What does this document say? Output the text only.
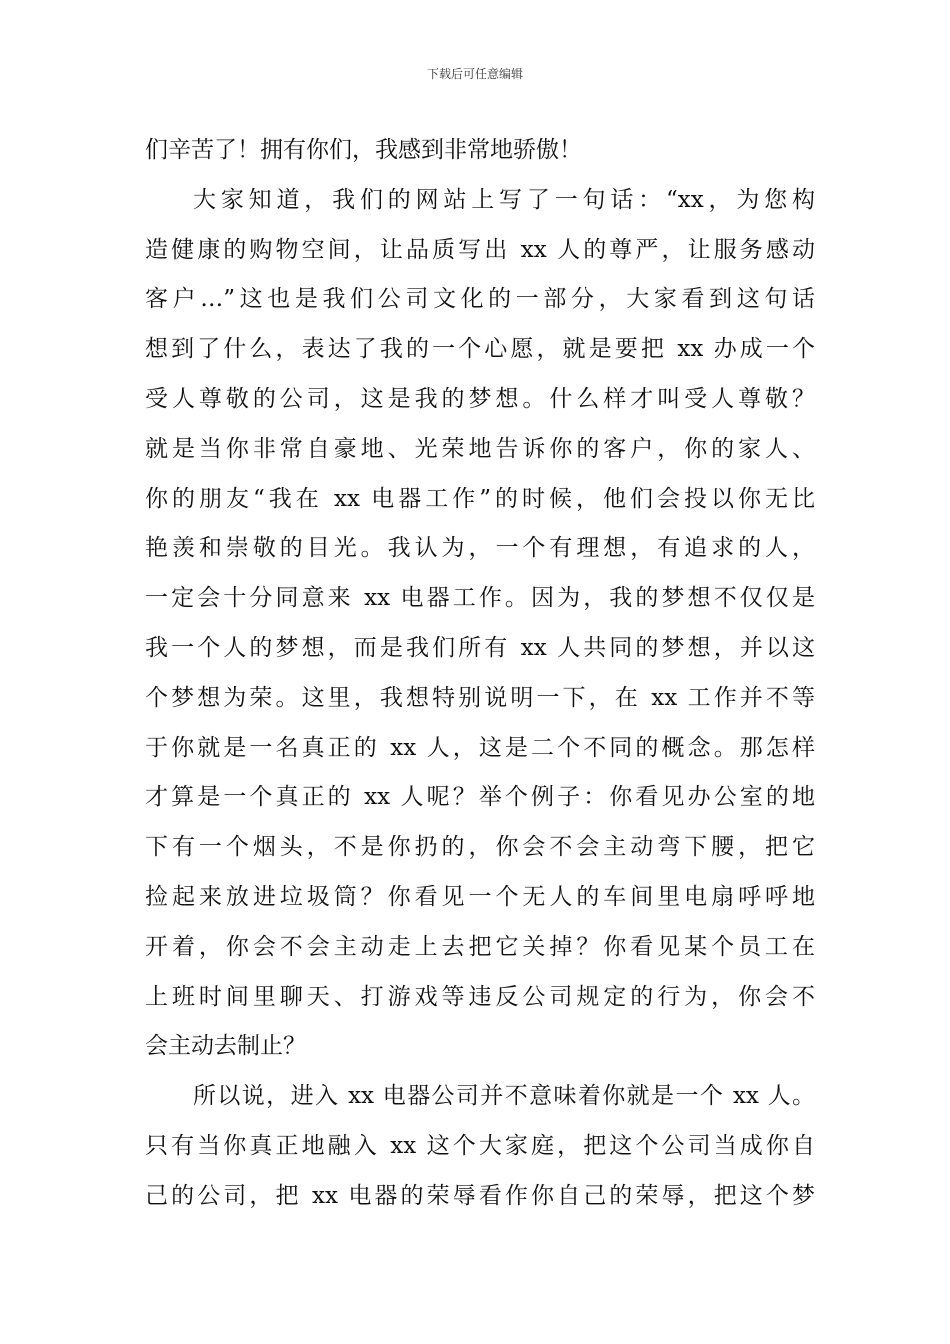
下载后可任意编辑
们辛苦了！拥有你们，我感到非常地骄傲！
大家知道，我们的网站上写了一句话：“xx，为您构
造健康的购物空间，让品质写出 xx 人的尊严，让服务感动
客户…”这也是我们公司文化的一部分，大家看到这句话
想到了什么，表达了我的一个心愿，就是要把 xx 办成一个
受人尊敬的公司，这是我的梦想。什么样才叫受人尊敬？
就是当你非常自豪地、光荣地告诉你的客户，你的家人、
你的朋友“我在 xx 电器工作”的时候，他们会投以你无比
艳羡和崇敬的目光。我认为，一个有理想，有追求的人，
一定会十分同意来 xx 电器工作。因为，我的梦想不仅仅是
我一个人的梦想，而是我们所有 xx 人共同的梦想，并以这
个梦想为荣。这里，我想特别说明一下，在 xx 工作并不等
于你就是一名真正的 xx 人，这是二个不同的概念。那怎样
才算是一个真正的 xx 人呢？举个例子：你看见办公室的地
下有一个烟头，不是你扔的，你会不会主动弯下腰，把它
捡起来放进垃圾筒？你看见一个无人的车间里电扇呼呼地
开着，你会不会主动走上去把它关掉？你看见某个员工在
上班时间里聊天、打游戏等违反公司规定的行为，你会不
会主动去制止？
所以说，进入 xx 电器公司并不意味着你就是一个 xx 人。
只有当你真正地融入 xx 这个大家庭，把这个公司当成你自
己的公司，把 xx 电器的荣辱看作你自己的荣辱，把这个梦
